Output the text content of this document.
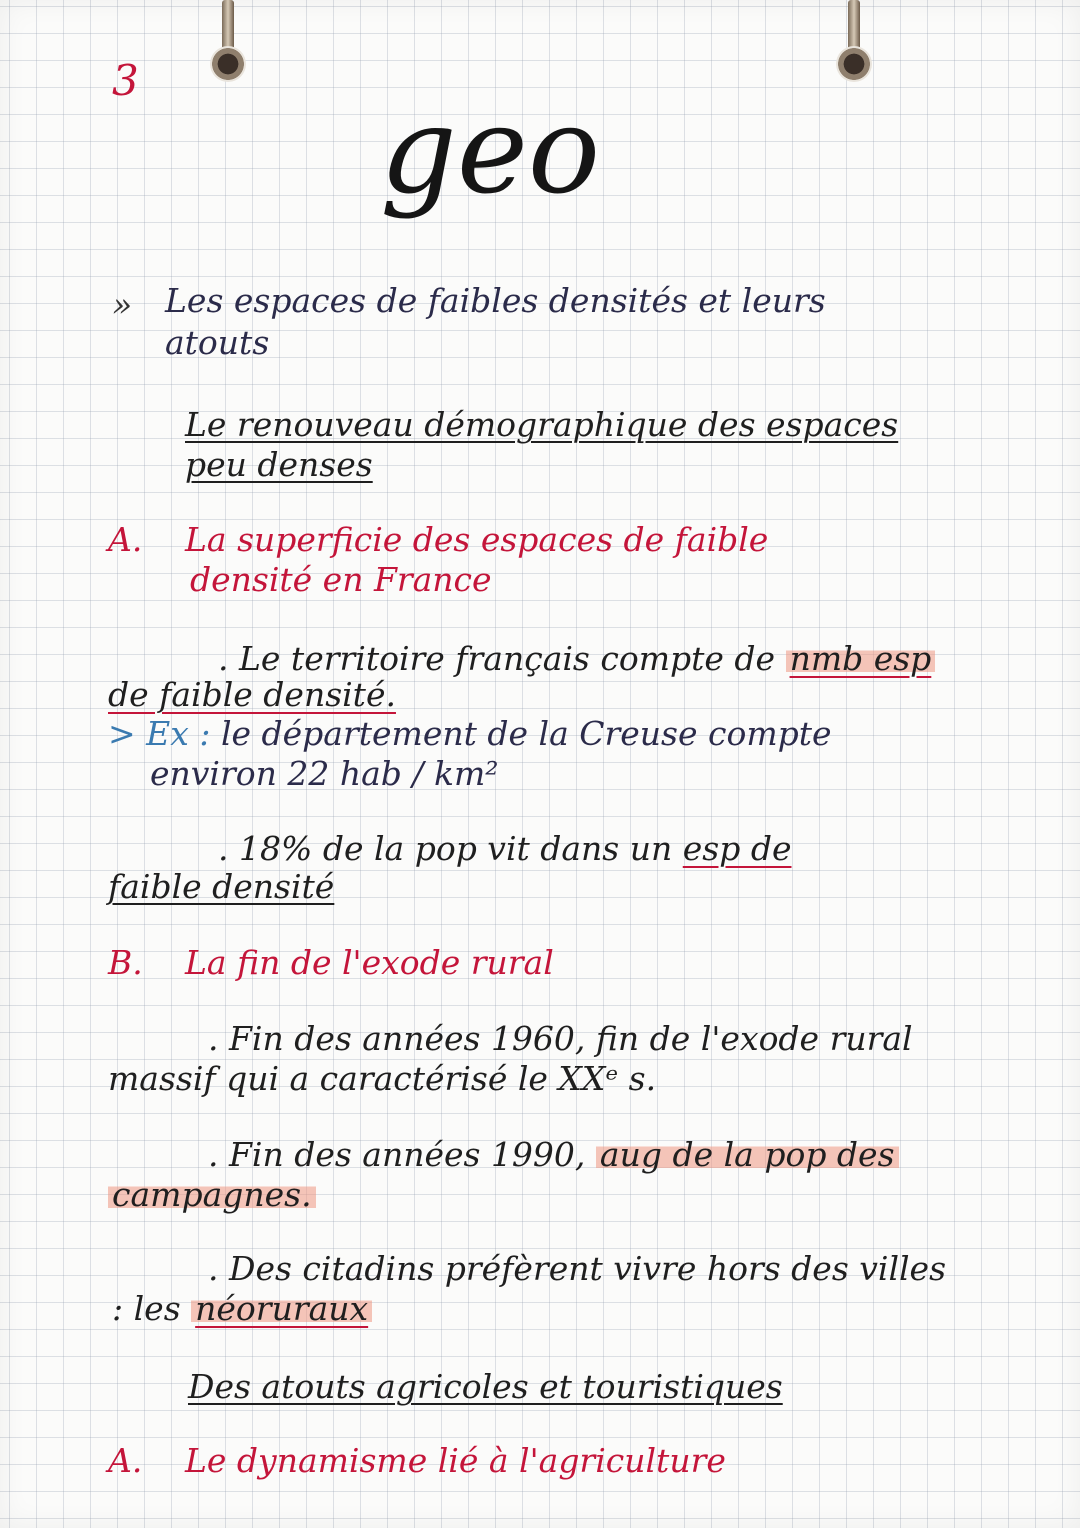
3
geo
» Les espaces de faibles densités et leurs
atouts
Le renouveau démographique des espaces
peu denses
A. La superficie des espaces de faible
densité en France
. Le territoire français compte de nmb esp
de faible densité.
> Ex : le département de la Creuse compte
environ 22 hab / km²
. 18% de la pop vit dans un esp de
faible densité
B. La fin de l'exode rural
. Fin des années 1960, fin de l'exode rural
massif qui a caractérisé le XXᵉ s.
. Fin des années 1990, aug de la pop des
campagnes.
. Des citadins préfèrent vivre hors des villes
: les néoruraux
Des atouts agricoles et touristiques
A. Le dynamisme lié à l'agriculture
